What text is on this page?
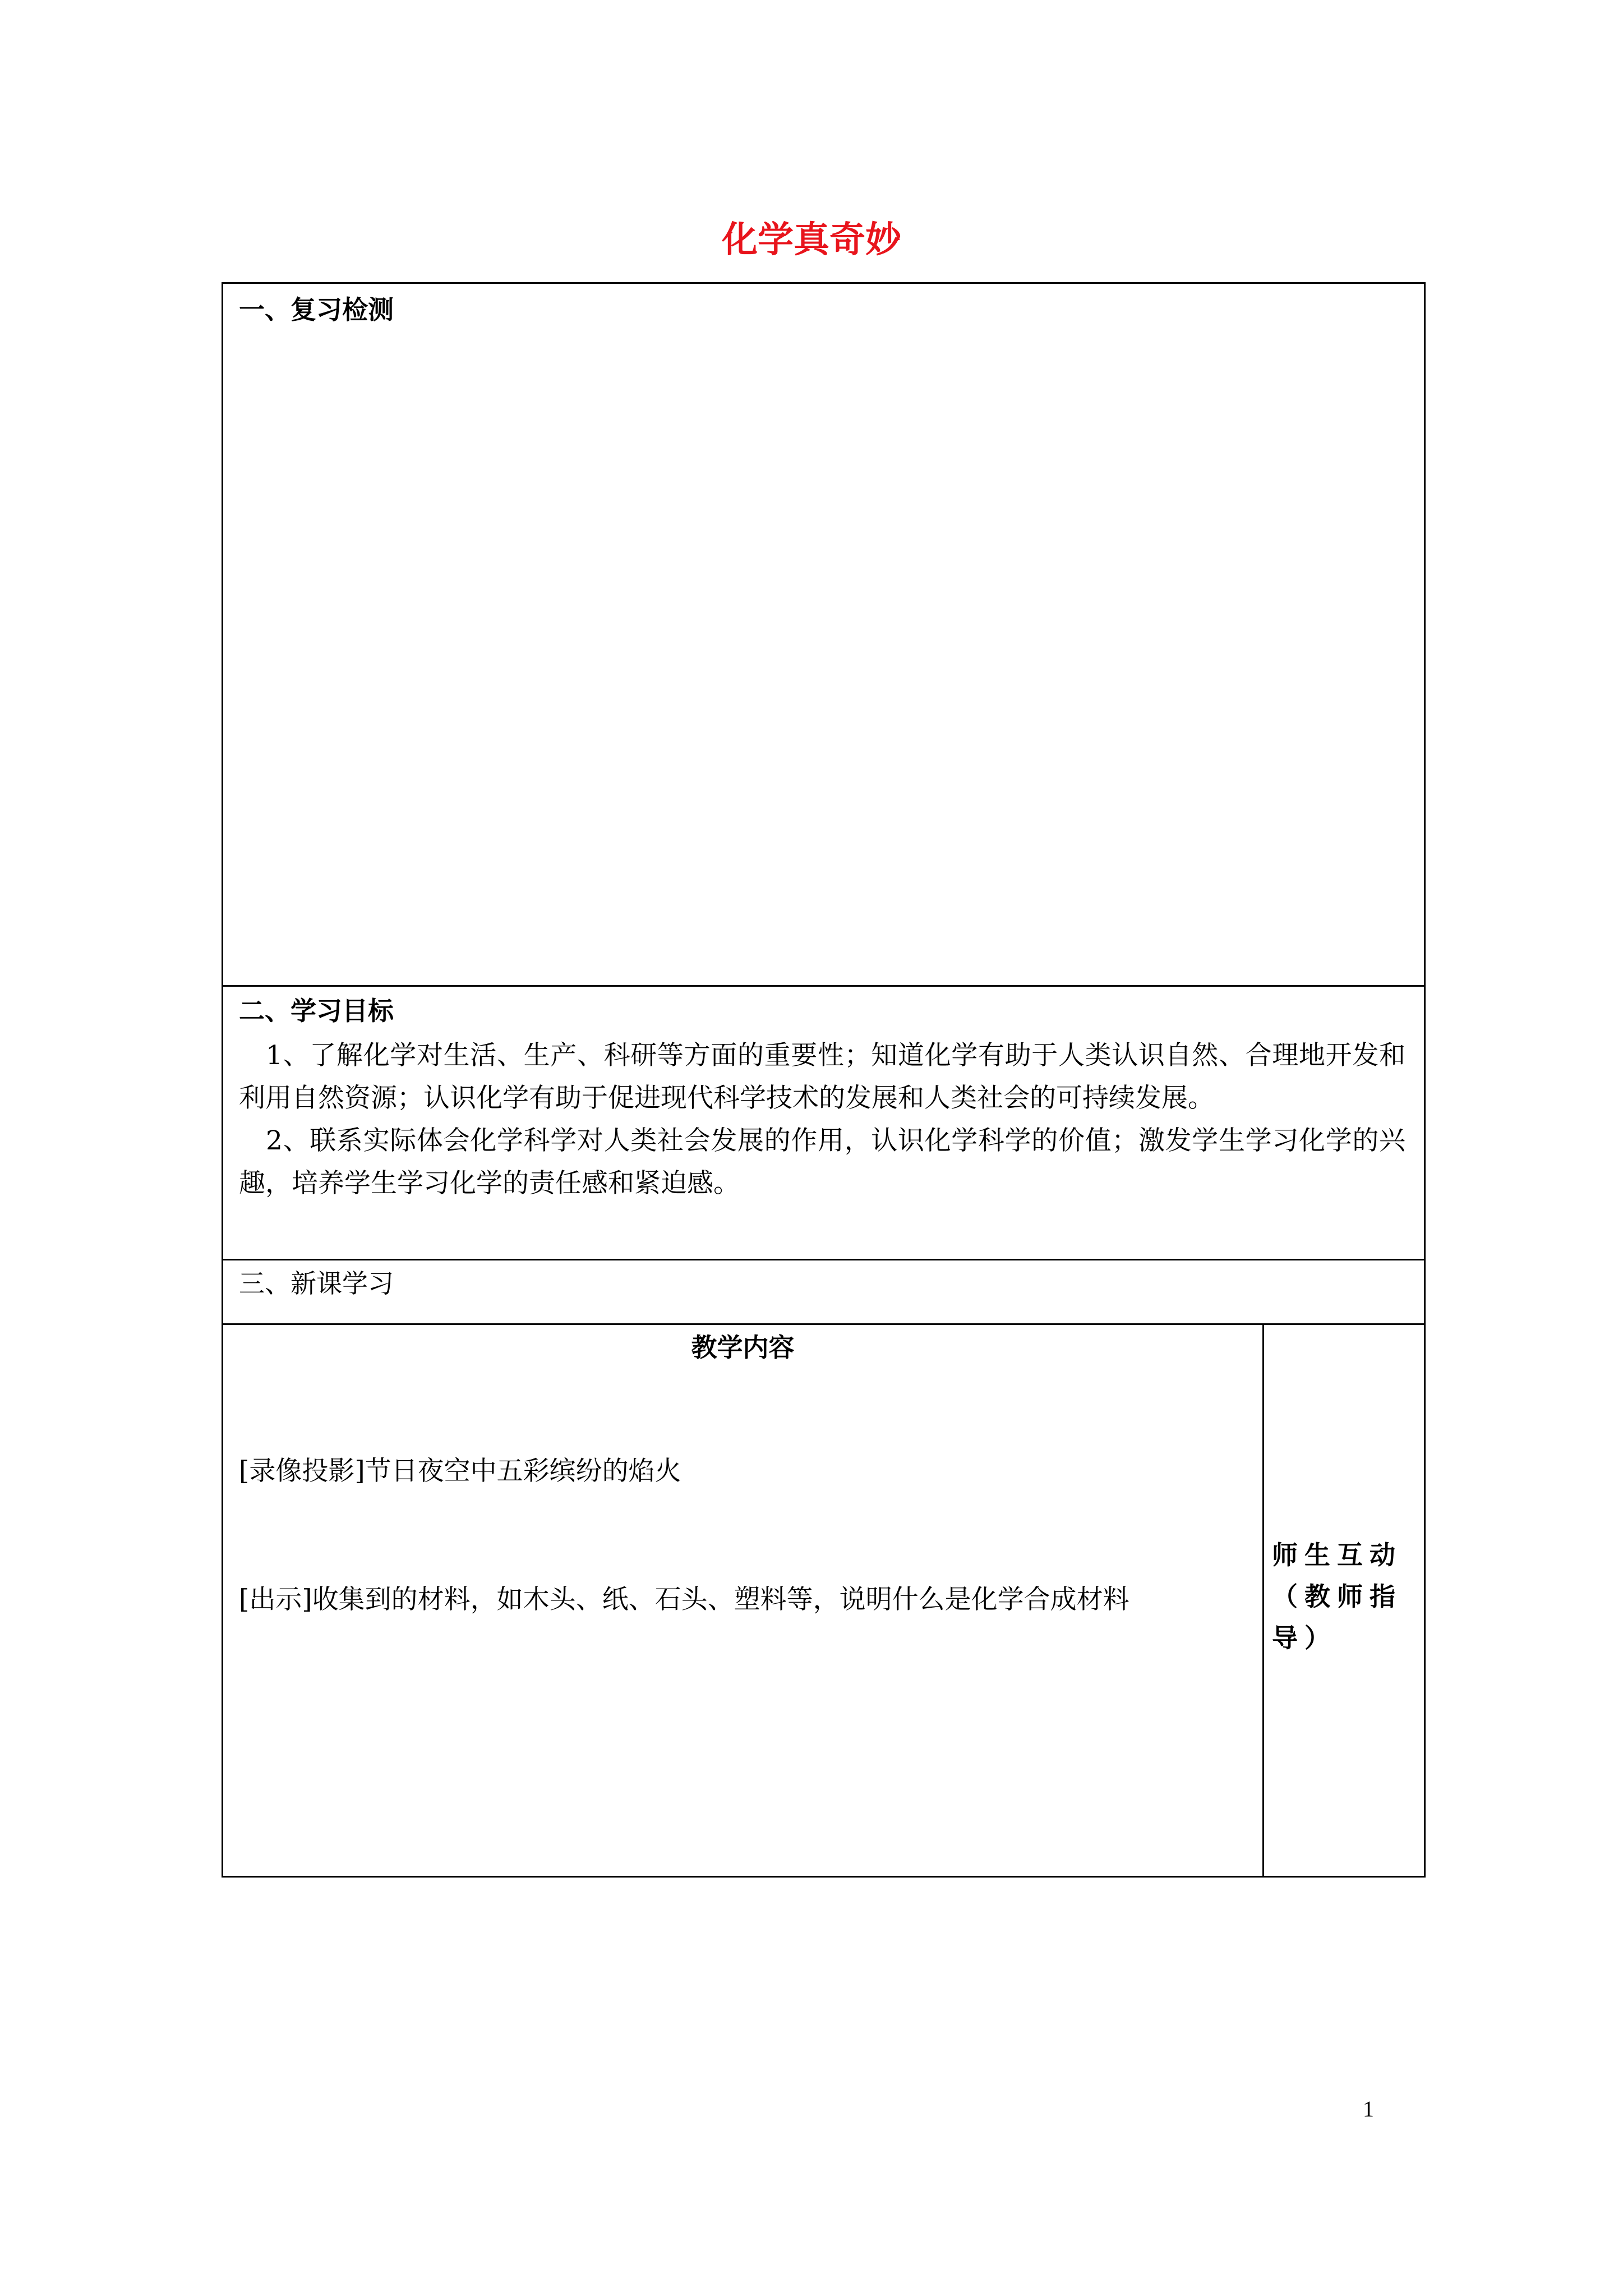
化学真奇妙

一、复习检测

二、学习目标

1、了解化学对生活、生产、科研等方面的重要性；知道化学有助于人类认识自然、合理地开发和利用自然资源；认识化学有助于促进现代科学技术的发展和人类社会的可持续发展。

2、联系实际体会化学科学对人类社会发展的作用，认识化学科学的价值；激发学生学习化学的兴趣，培养学生学习化学的责任感和紧迫感。

三、新课学习

教学内容

[录像投影]节日夜空中五彩缤纷的焰火

[出示]收集到的材料，如木头、纸、石头、塑料等，说明什么是化学合成材料

师生互动（教师指导）

1
